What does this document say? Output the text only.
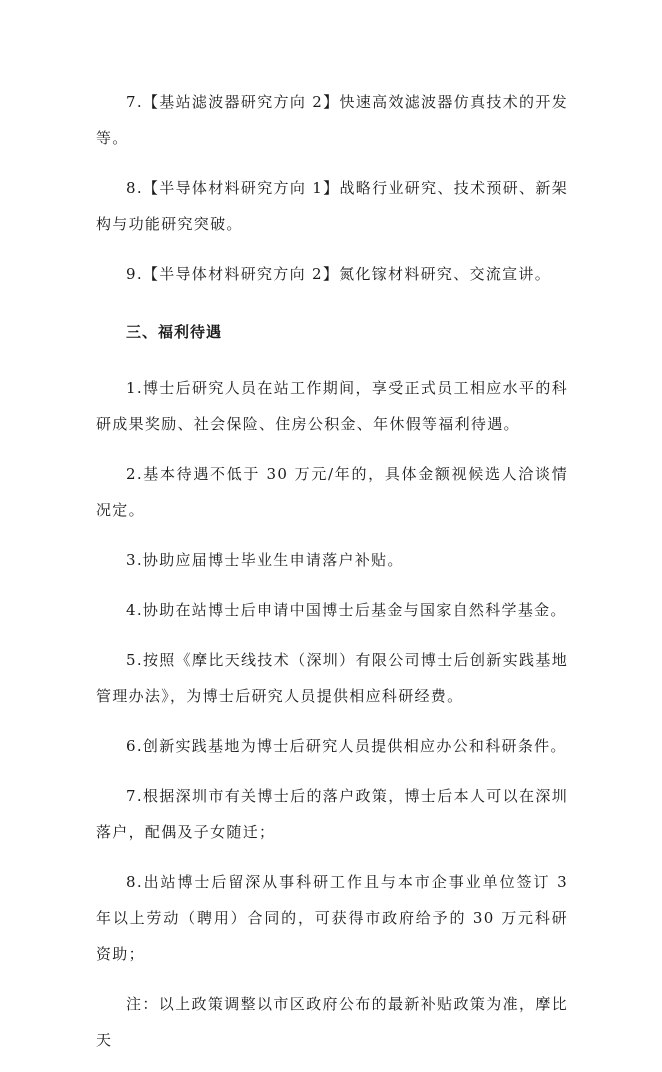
7.【基站滤波器研究方向 2】快速高效滤波器仿真技术的开发等。

8.【半导体材料研究方向 1】战略行业研究、技术预研、新架构与功能研究突破。

9.【半导体材料研究方向 2】氮化镓材料研究、交流宣讲。

三、福利待遇

1.博士后研究人员在站工作期间，享受正式员工相应水平的科研成果奖励、社会保险、住房公积金、年休假等福利待遇。

2.基本待遇不低于 30 万元/年的，具体金额视候选人洽谈情况定。

3.协助应届博士毕业生申请落户补贴。

4.协助在站博士后申请中国博士后基金与国家自然科学基金。

5.按照《摩比天线技术（深圳）有限公司博士后创新实践基地管理办法》，为博士后研究人员提供相应科研经费。

6.创新实践基地为博士后研究人员提供相应办公和科研条件。

7.根据深圳市有关博士后的落户政策，博士后本人可以在深圳落户，配偶及子女随迁；

8.出站博士后留深从事科研工作且与本市企事业单位签订 3 年以上劳动（聘用）合同的，可获得市政府给予的 30 万元科研资助；

注：以上政策调整以市区政府公布的最新补贴政策为准，摩比天
